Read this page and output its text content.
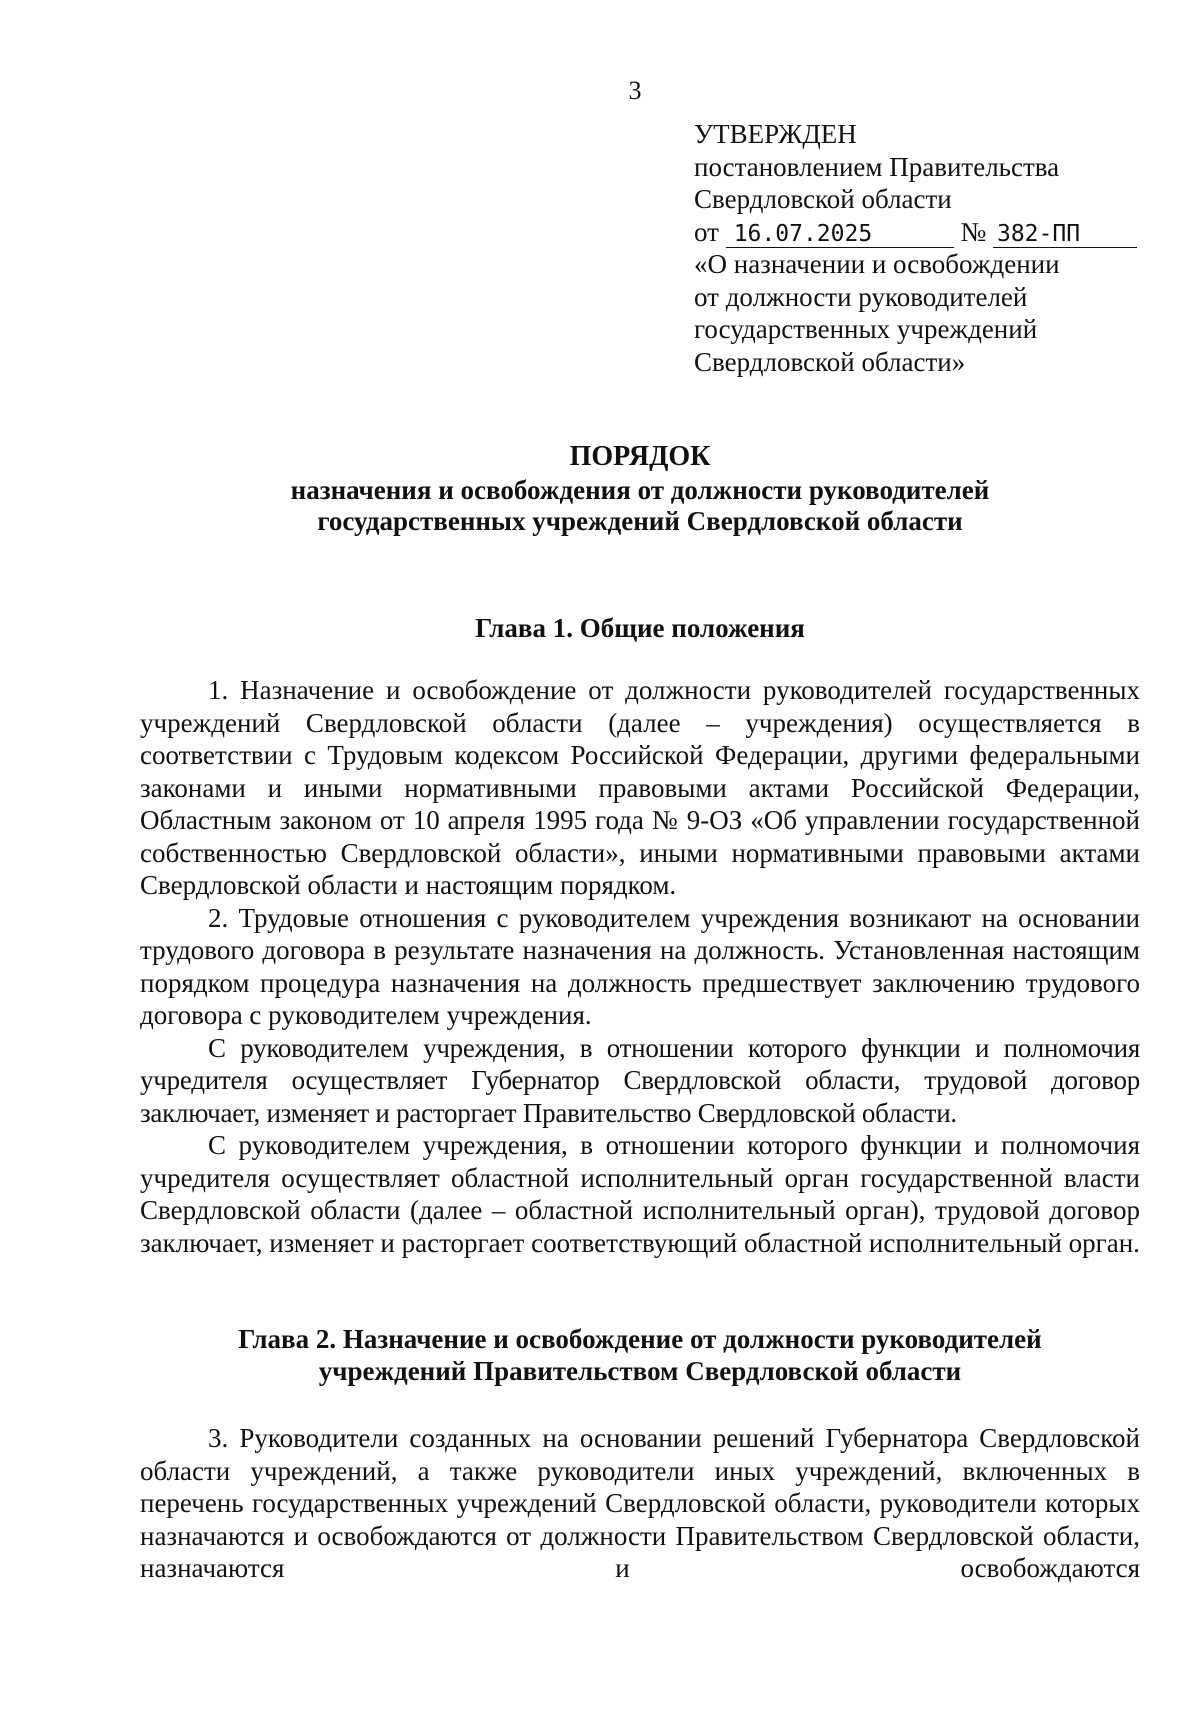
3
УТВЕРЖДЕН
постановлением Правительства
Свердловской области
от 16.07.2025	№ 382-ПП
«О назначении и освобождении
от должности руководителей
государственных учреждений
Свердловской области»
ПОРЯДОК
назначения и освобождения от должности руководителей
государственных учреждений Свердловской области
Глава 1. Общие положения

1. Назначение и освобождение от должности руководителей государственных учреждений Свердловской области (далее – учреждения) осуществляется в соответствии с Трудовым кодексом Российской Федерации, другими федеральными законами и иными нормативными правовыми актами Российской Федерации, Областным законом от 10 апреля 1995 года № 9-ОЗ «Об управлении государственной собственностью Свердловской области», иными нормативными правовыми актами Свердловской области и настоящим порядком.

2. Трудовые отношения с руководителем учреждения возникают на основании трудового договора в результате назначения на должность. Установленная настоящим порядком процедура назначения на должность предшествует заключению трудового договора с руководителем учреждения.

С руководителем учреждения, в отношении которого функции и полномочия учредителя осуществляет Губернатор Свердловской области, трудовой договор заключает, изменяет и расторгает Правительство Свердловской области.

С руководителем учреждения, в отношении которого функции и полномочия учредителя осуществляет областной исполнительный орган государственной власти Свердловской области (далее – областной исполнительный орган), трудовой договор заключает, изменяет и расторгает соответствующий областной исполнительный орган.

Глава 2. Назначение и освобождение от должности руководителей
учреждений Правительством Свердловской области

3. Руководители созданных на основании решений Губернатора Свердловской области учреждений, а также руководители иных учреждений, включенных в перечень государственных учреждений Свердловской области, руководители которых назначаются и освобождаются от должности Правительством Свердловской области, назначаются и освобождаются
